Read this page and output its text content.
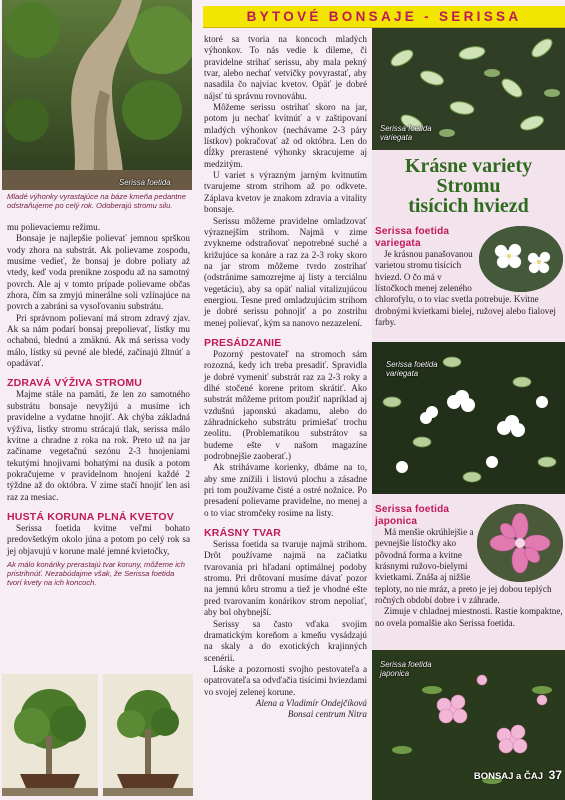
BYTOVÉ BONSAJE - SERISSA
Serissa foetida
Mladé výhonky vyrastajúce na báze kmeňa pedantne odstraňujeme po celý rok. Odoberajú stromu silu.

mu polievaciemu režimu.

Bonsaje je najlepšie polievať jemnou sprškou vody zhora na substrát. Ak polievame zospodu, musíme vedieť, že bonsaj je dobre poliaty až vtedy, keď voda prenikne zospodu až na samotný povrch. Ale aj v tomto prípade polievame občas zhora, čím sa zmyjú minerálne soli vzlínajúce na povrch a zabráni sa vysoľovaniu substrátu.

Pri správnom polievaní má strom zdravý zjav. Ak sa nám podarí bonsaj prepolievať, lístky mu ochabnú, blednú a zmäknú. Ak má serissa vody málo, lístky sú pevné ale bledé, začínajú žltnúť a opadávať.

ZDRAVÁ VÝŽIVA STROMU

Majme stále na pamäti, že len zo samotného substrátu bonsaje nevyžijú a musíme ich pravidelne a vydatne hnojiť. Ak chýba základná výživa, listky stromu strácajú tlak, serissa málo kvitne a chradne z roka na rok. Preto už na jar začíname vegetačnú sezónu 2-3 hnojeniami tekutými hnojivami bohatými na dusík a potom pokračujeme v pravidelnom hnojení každé 2 týždne až do októbra. V zime stačí hnojiť len asi raz za mesiac.

HUSTÁ KORUNA PLNÁ KVETOV

Serissa foetida kvitne veľmi bohato predovšetkým okolo júna a potom po celý rok sa jej objavujú v korune malé jemné kvietočky,

Ak málo konáriky prerastajú tvar koruny, môžeme ich pristrihnúť. Nezabúdajme však, že Serissa foetida tvorí kvety na ich koncoch.

ktoré sa tvoria na koncoch mladých výhonkov. To nás vedie k dileme, či pravidelne strihať serissu, aby mala pekný tvar, alebo nechať vetvičky povyrastať, aby nasadila čo najviac kvetov. Opäť je dobré nájsť tú správnu rovnováhu.

Môžeme serissu ostrihať skoro na jar, potom ju nechať kvitnúť a v zaštipovaní mladých výhonkov (nechávame 2-3 páry lístkov) pokračovať až od októbra. Len do dĺžky prerastené výhonky skracujeme aj medzitým.

U variet s výrazným jarným kvitnutím tvarujeme strom strihom až po odkvete. Záplava kvetov je znakom zdravia a vitality bonsaje.

Serissu môžeme pravidelne omladzovať výraznejším strihom. Najmä v zime zvykneme odstraňovať nepotrebné suché a križujúce sa konáre a raz za 2-3 roky skoro na jar strom môžeme tvrdo zostrihať (odstránime samozrejme aj listy a terciálnu vegetáciu), aby sa opäť nalial vitalizujúcou energiou. Tesne pred omladzujúcim strihom je dobré serissu pohnojiť a po zostrihu menej polievať, kým sa nanovo nezazelení.

PRESÁDZANIE

Pozorný pestovateľ na stromoch sám rozozná, kedy ich treba presadiť. Spravidla je dobré vymeniť substrát raz za 2-3 roky a dlhé stočené korene pritom skrátiť. Ako substrát môžeme pritom použiť napríklad aj vzdušnú japonskú akadamu, alebo do záhradníckeho substrátu primiešať trochu zeolitu. (Problematikou substrátov sa budeme ešte v našom magazíne podrobnejšie zaoberať.)

Ak strihávame korienky, dbáme na to, aby sme znížili i listovú plochu a zásadne pri tom používame čisté a ostré nožnice. Po presadení polievame pravidelne, no menej a o to viac stromčeky rosíme na listy.

KRÁSNY TVAR

Serissa foetida sa tvaruje najmä strihom. Drôt používame najmä na začiatku tvarovania pri hľadaní optimálnej podoby stromu. Pri drôtovaní musíme dávať pozor na jemnú kôru stromu a tiež je vhodné ešte pred tvarovaním konárikov strom nepoliať, aby bol ohybnejší.

Serissy sa často vďaka svojim dramatickým koreňom a kmeňu vysádzajú na skaly a do exotických krajinných scenérií.

Láske a pozornosti svojho pestovateľa a opatrovateľa sa odvďačia tisícimi hviezdami vo svojej zelenej korune.

Alena a Vladimír Ondejčíková

Bonsai centrum Nitra

Serissa foetida variegata
Krásne variety
Stromu
tisícich hviezd
Serissa foetida
variegata

Je krásnou panašovanou varietou stromu tisícich hviezd. O čo má v lístočkoch menej zeleného chlorofylu, o to viac svetla potrebuje. Kvitne drobnými kvietkami bielej, ružovej alebo fialovej farby.

Serissa foetida variegata
Serissa foetida
japonica

Má menšie okrúhlejšie a pevnejšie lístočky ako pôvodná forma a kvitne krásnymi ružovo-bielymi kvietkami. Znáša aj nižšie teploty, no nie mráz, a preto je jej dobou teplých ročných období dobre i v záhrade.

Zimuje v chladnej miestnosti. Rastie kompaktne, no ovela pomalšie ako Serissa foetida.

Serissa foetida japonica
BONSAJ a ČAJ 37
